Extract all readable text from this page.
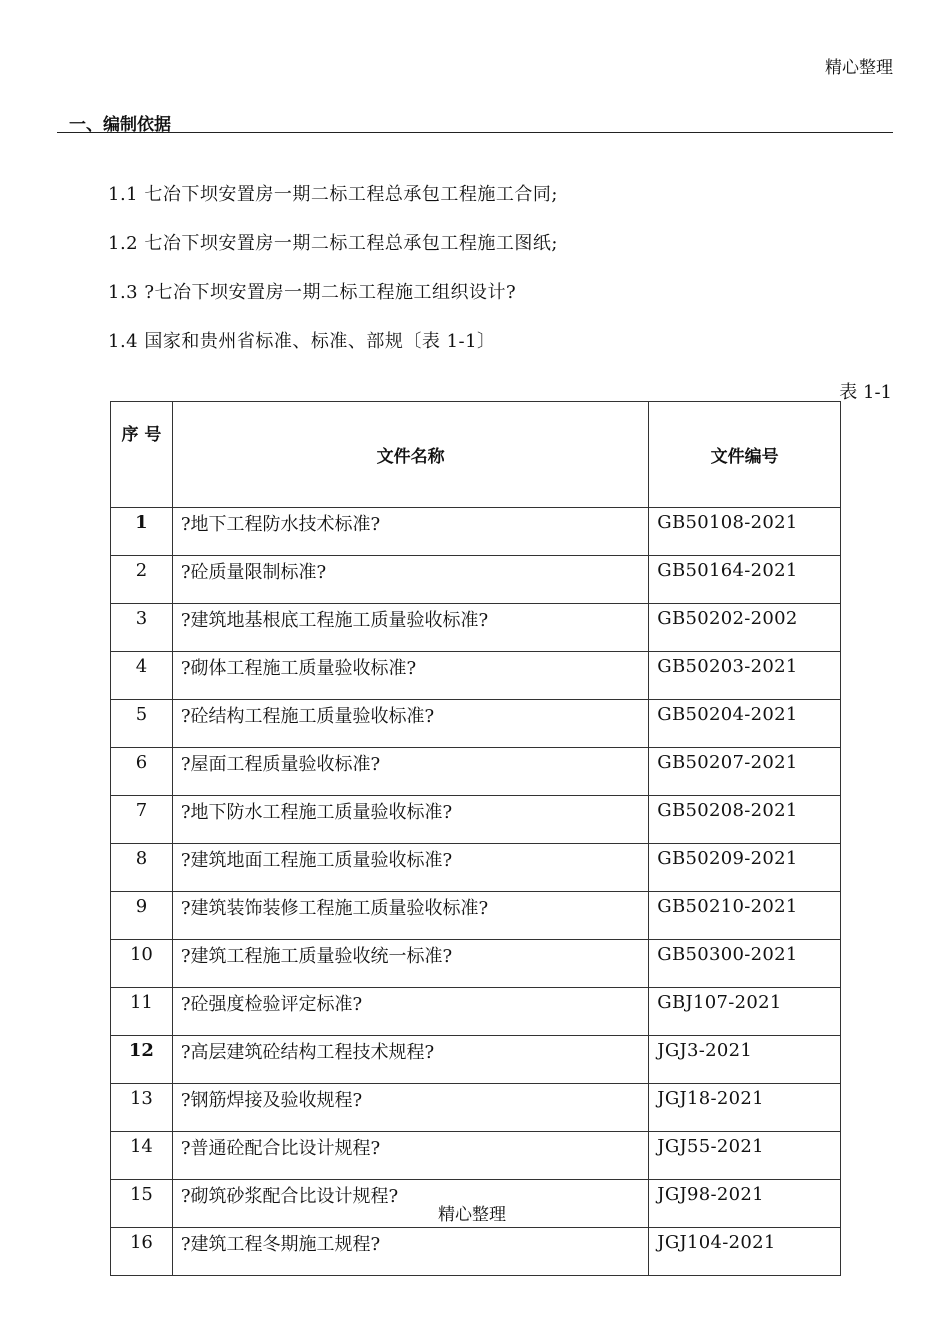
精心整理
一、编制依据
1.1 七冶下坝安置房一期二标工程总承包工程施工合同;
1.2 七冶下坝安置房一期二标工程总承包工程施工图纸;
1.3 ?七冶下坝安置房一期二标工程施工组织设计?
1.4 国家和贵州省标准、标准、部规〔表 1-1〕
表 1-1
序 号	文件名称	文件编号
1	?地下工程防水技术标准?	GB50108-2021
2	?砼质量限制标准?	GB50164-2021
3	?建筑地基根底工程施工质量验收标准?	GB50202-2002
4	?砌体工程施工质量验收标准?	GB50203-2021
5	?砼结构工程施工质量验收标准?	GB50204-2021
6	?屋面工程质量验收标准?	GB50207-2021
7	?地下防水工程施工质量验收标准?	GB50208-2021
8	?建筑地面工程施工质量验收标准?	GB50209-2021
9	?建筑装饰装修工程施工质量验收标准?	GB50210-2021
10	?建筑工程施工质量验收统一标准?	GB50300-2021
11	?砼强度检验评定标准?	GBJ107-2021
12	?高层建筑砼结构工程技术规程?	JGJ3-2021
13	?钢筋焊接及验收规程?	JGJ18-2021
14	?普通砼配合比设计规程?	JGJ55-2021
15	?砌筑砂浆配合比设计规程?	JGJ98-2021
16	?建筑工程冬期施工规程?	JGJ104-2021
精心整理
